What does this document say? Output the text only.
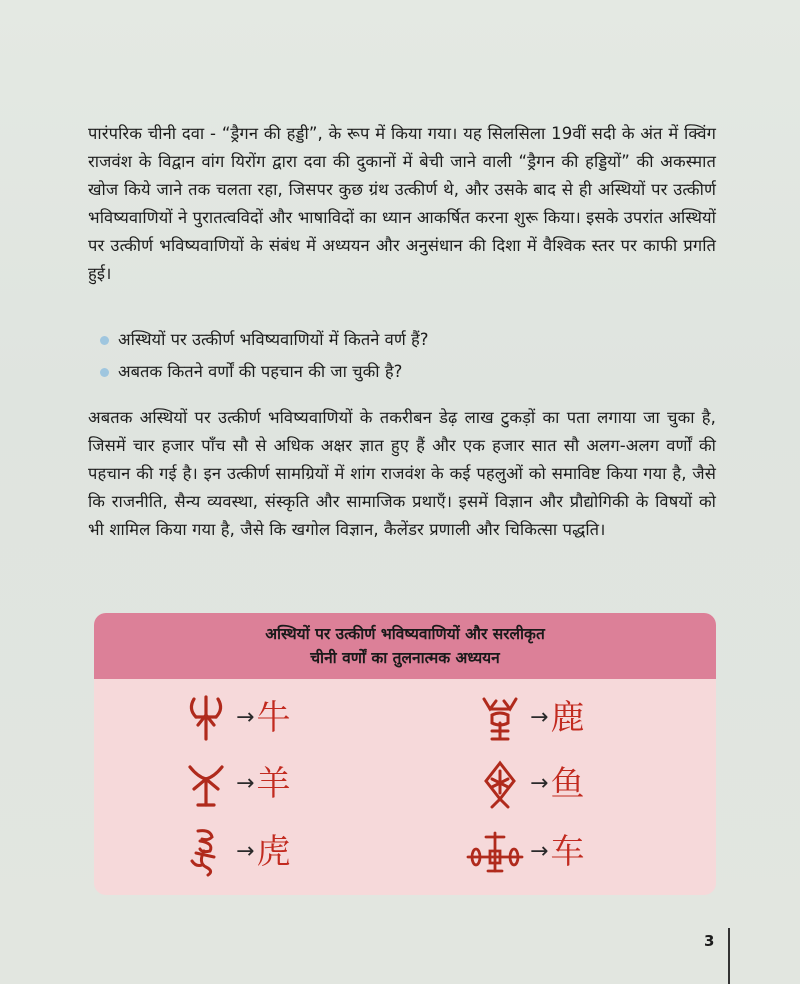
पारंपरिक चीनी दवा - “ड्रैगन की हड्डी”, के रूप में किया गया। यह सिलसिला 19वीं सदी के अंत में क्विंग राजवंश के विद्वान वांग यिरोंग द्वारा दवा की दुकानों में बेची जाने वाली “ड्रैगन की हड्डियों” की अकस्मात खोज किये जाने तक चलता रहा, जिसपर कुछ ग्रंथ उत्कीर्ण थे, और उसके बाद से ही अस्थियों पर उत्कीर्ण भविष्यवाणियों ने पुरातत्वविदों और भाषाविदों का ध्यान आकर्षित करना शुरू किया। इसके उपरांत अस्थियों पर उत्कीर्ण भविष्यवाणियों के संबंध में अध्ययन और अनुसंधान की दिशा में वैश्विक स्तर पर काफी प्रगति हुई।

अस्थियों पर उत्कीर्ण भविष्यवाणियों में कितने वर्ण हैं?
अबतक कितने वर्णों की पहचान की जा चुकी है?

अबतक अस्थियों पर उत्कीर्ण भविष्यवाणियों के तकरीबन डेढ़ लाख टुकड़ों का पता लगाया जा चुका है, जिसमें चार हजार पाँच सौ से अधिक अक्षर ज्ञात हुए हैं और एक हजार सात सौ अलग-अलग वर्णों की पहचान की गई है। इन उत्कीर्ण सामग्रियों में शांग राजवंश के कई पहलुओं को समाविष्ट किया गया है, जैसे कि राजनीति, सैन्य व्यवस्था, संस्कृति और सामाजिक प्रथाएँ। इसमें विज्ञान और प्रौद्योगिकी के विषयों को भी शामिल किया गया है, जैसे कि खगोल विज्ञान, कैलेंडर प्रणाली और चिकित्सा पद्धति।

अस्थियों पर उत्कीर्ण भविष्यवाणियों और सरलीकृत
चीनी वर्णों का तुलनात्मक अध्ययन
→ 牛	→ 鹿
→ 羊	→ 鱼
→ 虎	→ 车
3
